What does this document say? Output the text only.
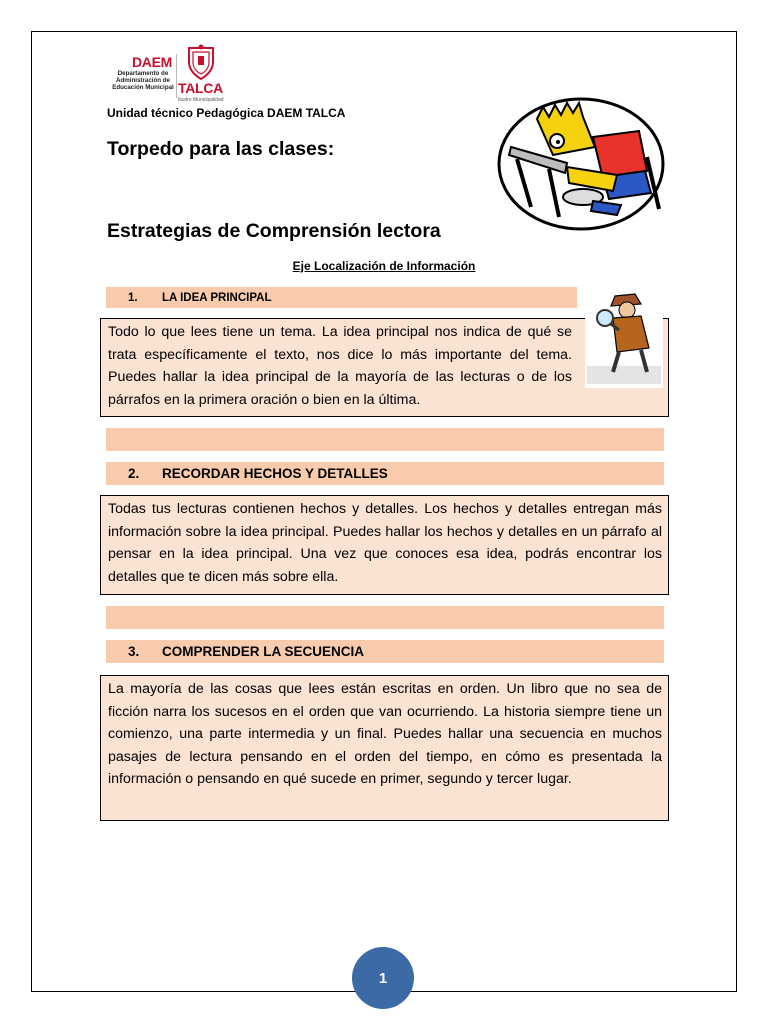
DAEM
Departamento de Administración de Educación Municipal TALCA
Ilustre Municipalidad
Unidad técnico Pedagógica DAEM TALCA
Torpedo para las clases:
Estrategias de Comprensión lectora
Eje Localización de Información
1.	LA IDEA PRINCIPAL
Todo lo que lees tiene un tema. La idea principal nos indica de qué se trata específicamente el texto, nos dice lo más importante del tema. Puedes hallar la idea principal de la mayoría de las lecturas o de los párrafos en la primera oración o bien en la última.
2.	RECORDAR HECHOS Y DETALLES
Todas tus lecturas contienen hechos y detalles. Los hechos y detalles entregan más información sobre la idea principal. Puedes hallar los hechos y detalles en un párrafo al pensar en la idea principal. Una vez que conoces esa idea, podrás encontrar los detalles que te dicen más sobre ella.
3.	COMPRENDER LA SECUENCIA
La mayoría de las cosas que lees están escritas en orden. Un libro que no sea de ficción narra los sucesos en el orden que van ocurriendo. La historia siempre tiene un comienzo, una parte intermedia y un final. Puedes hallar una secuencia en muchos pasajes de lectura pensando en el orden del tiempo, en cómo es presentada la información o pensando en qué sucede en primer, segundo y tercer lugar.
1
